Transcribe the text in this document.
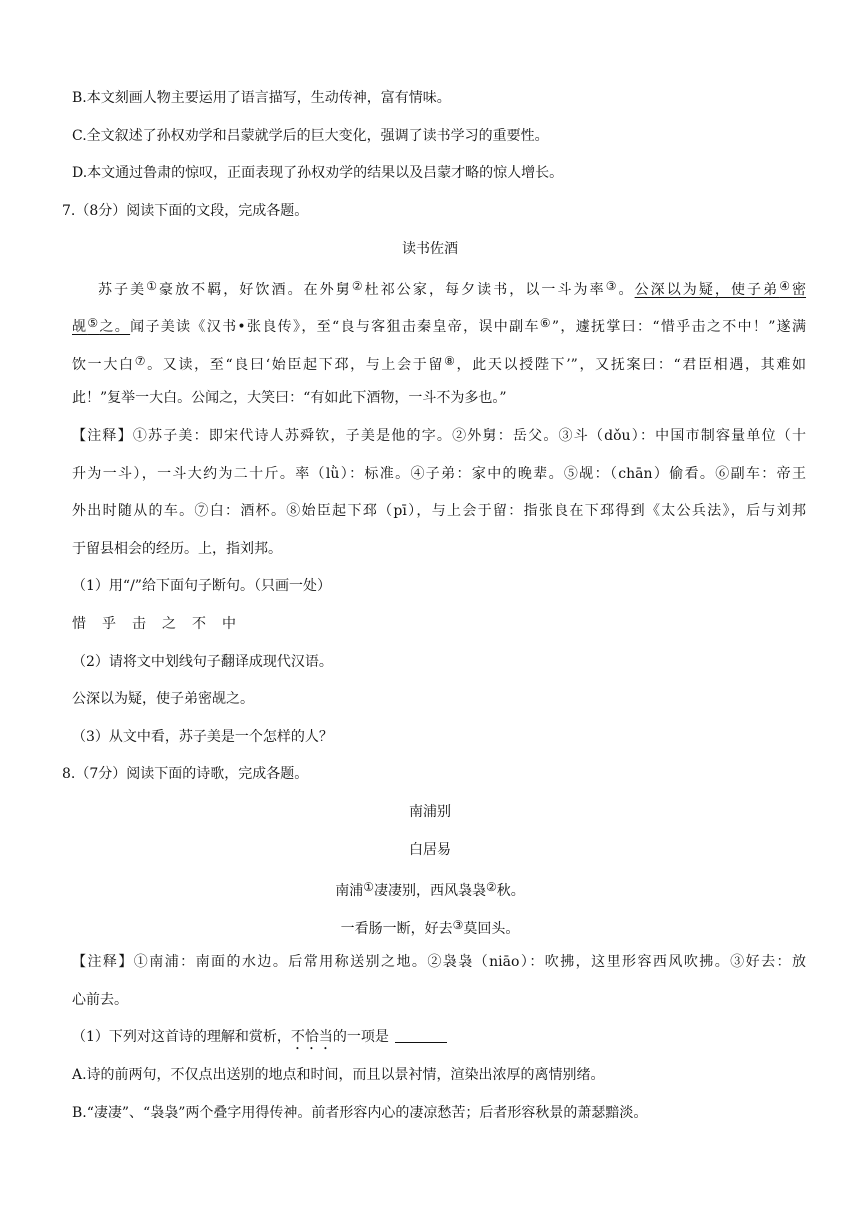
B.本文刻画人物主要运用了语言描写，生动传神，富有情味。
C.全文叙述了孙权劝学和吕蒙就学后的巨大变化，强调了读书学习的重要性。
D.本文通过鲁肃的惊叹，正面表现了孙权劝学的结果以及吕蒙才略的惊人增长。
7.（8分）阅读下面的文段，完成各题。
读书佐酒
苏子美①豪放不羁，好饮酒。在外舅②杜祁公家，每夕读书，以一斗为率③。公深以为疑，使子弟④密
觇⑤之。闻子美读《汉书•张良传》，至“良与客狙击秦皇帝，误中副车⑥”，遽抚掌曰：“惜乎击之不中！”遂满
饮一大白⑦。又读，至“良曰‘始臣起下邳，与上会于留⑧，此天以授陛下’”，又抚案曰：“君臣相遇，其难如
此！”复举一大白。公闻之，大笑曰：“有如此下酒物，一斗不为多也。”
【注释】①苏子美：即宋代诗人苏舜钦，子美是他的字。②外舅：岳父。③斗（dǒu）：中国市制容量单位（十
升为一斗），一斗大约为二十斤。率（lǜ）：标准。④子弟：家中的晚辈。⑤觇：（chān）偷看。⑥副车：帝王
外出时随从的车。⑦白：酒杯。⑧始臣起下邳（pī），与上会于留：指张良在下邳得到《太公兵法》，后与刘邦
于留县相会的经历。上，指刘邦。
（1）用“/”给下面句子断句。（只画一处）
惜 乎 击 之 不 中
（2）请将文中划线句子翻译成现代汉语。
公深以为疑，使子弟密觇之。
（3）从文中看，苏子美是一个怎样的人？
8.（7分）阅读下面的诗歌，完成各题。
南浦别
白居易
南浦①凄凄别，西风袅袅②秋。
一看肠一断，好去③莫回头。
【注释】①南浦：南面的水边。后常用称送别之地。②袅袅（niāo）：吹拂，这里形容西风吹拂。③好去：放
心前去。
（1）下列对这首诗的理解和赏析，不恰当的一项是
A.诗的前两句，不仅点出送别的地点和时间，而且以景衬情，渲染出浓厚的离情别绪。
B.“凄凄”、“袅袅”两个叠字用得传神。前者形容内心的凄凉愁苦；后者形容秋景的萧瑟黯淡。
